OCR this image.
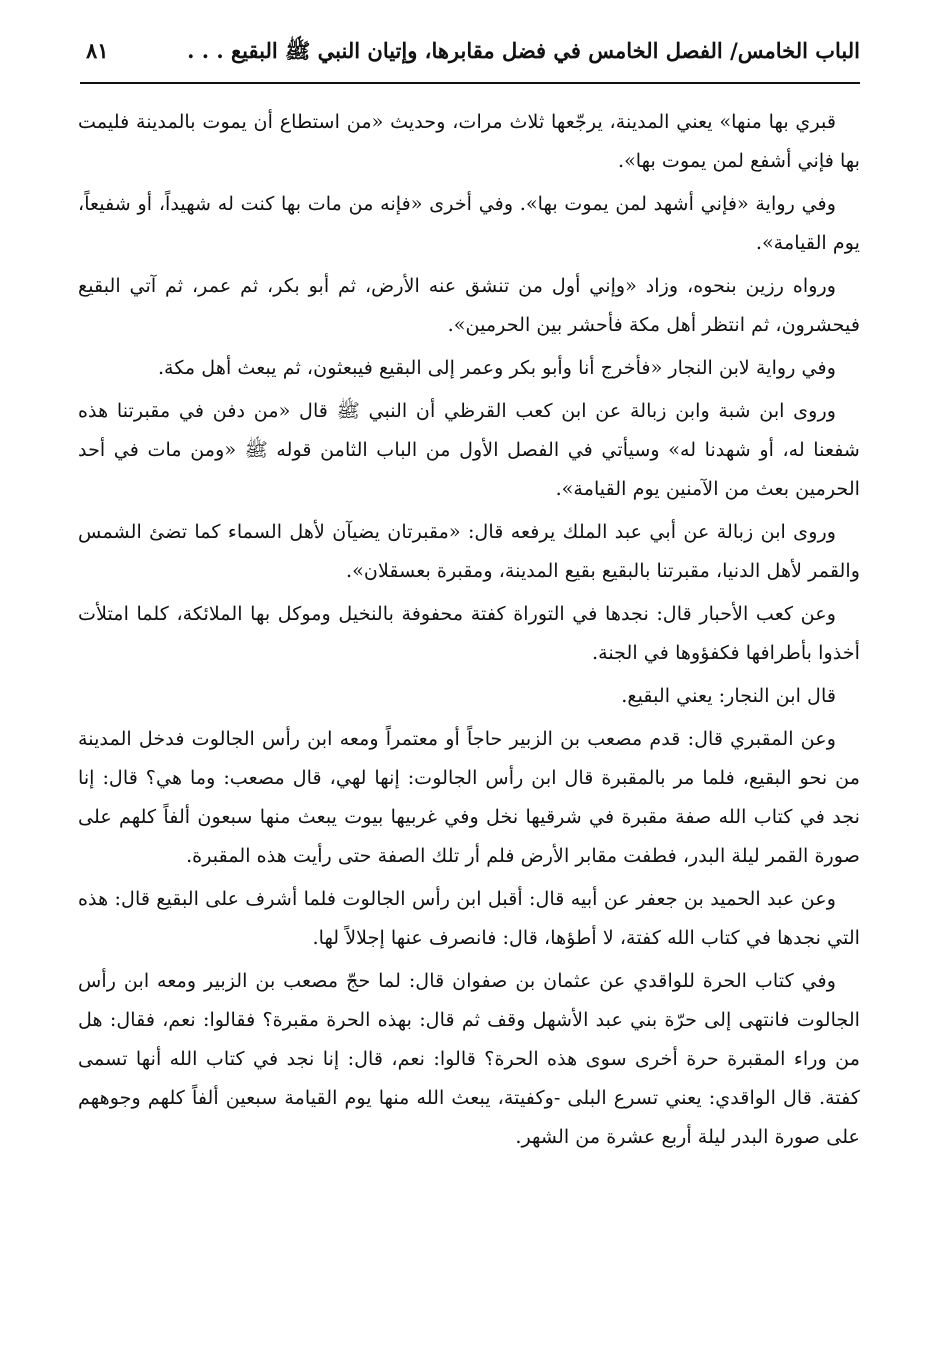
الباب الخامس/ الفصل الخامس في فضل مقابرها، وإتيان النبي ﷺ البقيع . . .
٨١

قبري بها منها» يعني المدينة، يرجّعها ثلاث مرات، وحديث «من استطاع أن يموت بالمدينة فليمت بها فإني أشفع لمن يموت بها».

وفي رواية «فإني أشهد لمن يموت بها». وفي أخرى «فإنه من مات بها كنت له شهيداً، أو شفيعاً، يوم القيامة».

ورواه رزين بنحوه، وزاد «وإني أول من تنشق عنه الأرض، ثم أبو بكر، ثم عمر، ثم آتي البقيع فيحشرون، ثم انتظر أهل مكة فأحشر بين الحرمين».

وفي رواية لابن النجار «فأخرج أنا وأبو بكر وعمر إلى البقيع فيبعثون، ثم يبعث أهل مكة.

وروى ابن شبة وابن زبالة عن ابن كعب القرظي أن النبي ﷺ قال «من دفن في مقبرتنا هذه شفعنا له، أو شهدنا له» وسيأتي في الفصل الأول من الباب الثامن قوله ﷺ «ومن مات في أحد الحرمين بعث من الآمنين يوم القيامة».

وروى ابن زبالة عن أبي عبد الملك يرفعه قال: «مقبرتان يضيآن لأهل السماء كما تضئ الشمس والقمر لأهل الدنيا، مقبرتنا بالبقيع بقيع المدينة، ومقبرة بعسقلان».

وعن كعب الأحبار قال: نجدها في التوراة كفتة محفوفة بالنخيل وموكل بها الملائكة، كلما امتلأت أخذوا بأطرافها فكفؤوها في الجنة.

قال ابن النجار: يعني البقيع.

وعن المقبري قال: قدم مصعب بن الزبير حاجاً أو معتمراً ومعه ابن رأس الجالوت فدخل المدينة من نحو البقيع، فلما مر بالمقبرة قال ابن رأس الجالوت: إنها لهي، قال مصعب: وما هي؟ قال: إنا نجد في كتاب الله صفة مقبرة في شرقيها نخل وفي غربيها بيوت يبعث منها سبعون ألفاً كلهم على صورة القمر ليلة البدر، فطفت مقابر الأرض فلم أر تلك الصفة حتى رأيت هذه المقبرة.

وعن عبد الحميد بن جعفر عن أبيه قال: أقبل ابن رأس الجالوت فلما أشرف على البقيع قال: هذه التي نجدها في كتاب الله كفتة، لا أطؤها، قال: فانصرف عنها إجلالاً لها.

وفي كتاب الحرة للواقدي عن عثمان بن صفوان قال: لما حجّ مصعب بن الزبير ومعه ابن رأس الجالوت فانتهى إلى حرّة بني عبد الأشهل وقف ثم قال: بهذه الحرة مقبرة؟ فقالوا: نعم، فقال: هل من وراء المقبرة حرة أخرى سوى هذه الحرة؟ قالوا: نعم، قال: إنا نجد في كتاب الله أنها تسمى كفتة. قال الواقدي: يعني تسرع البلى -وكفيتة، يبعث الله منها يوم القيامة سبعين ألفاً كلهم وجوههم على صورة البدر ليلة أربع عشرة من الشهر.
